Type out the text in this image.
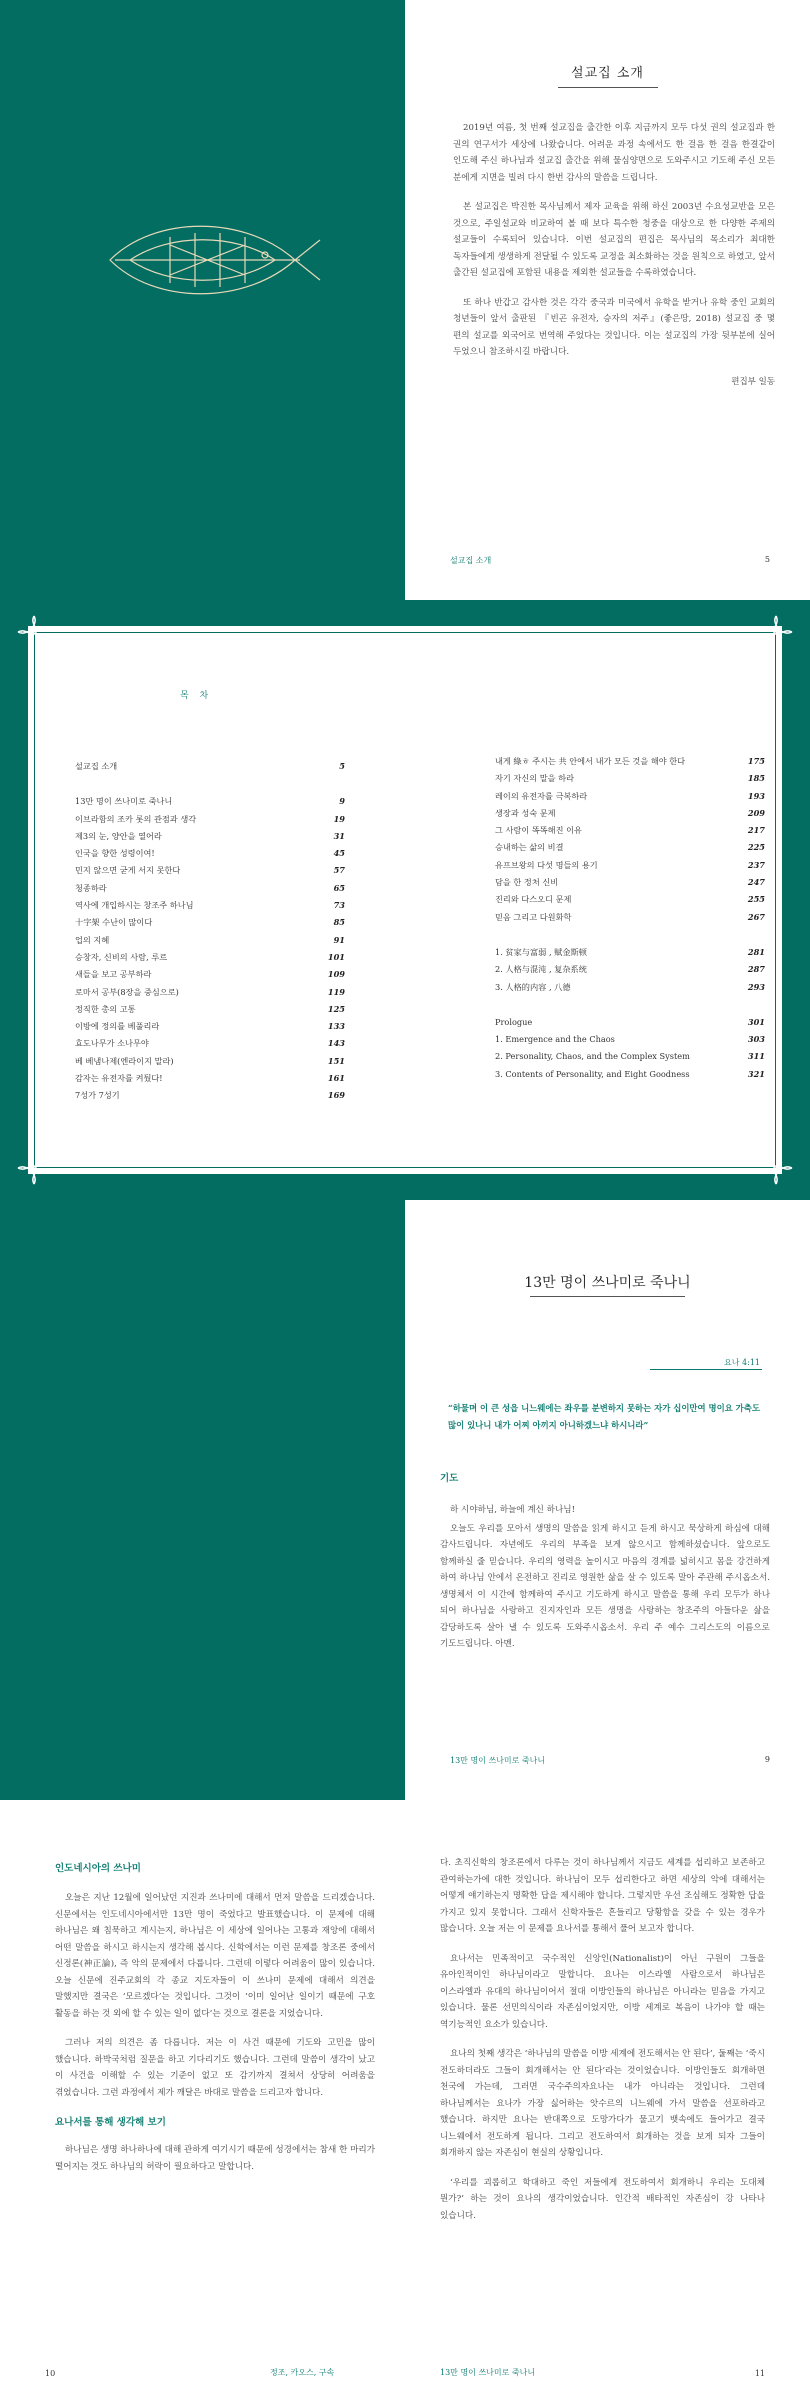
설교집 소개

2019년 여름, 첫 번째 설교집을 출간한 이후 지금까지 모두 다섯 권의 설교집과 한 권의 연구서가 세상에 나왔습니다. 어려운 과정 속에서도 한 걸음 한 걸음 한결같이 인도해 주신 하나님과 설교집 출간을 위해 물심양면으로 도와주시고 기도해 주신 모든 분에게 지면을 빌려 다시 한번 감사의 말씀을 드립니다.

본 설교집은 박진한 목사님께서 제자 교육을 위해 하신 2003년 수요성교반을 모은 것으로, 주일설교와 비교하여 볼 때 보다 특수한 청중을 대상으로 한 다양한 주제의 설교들이 수록되어 있습니다. 이번 설교집의 편집은 목사님의 목소리가 최대한 독자들에게 생생하게 전달될 수 있도록 교정을 최소화하는 것을 원칙으로 하였고, 앞서 출간된 설교집에 포함된 내용을 제외한 설교들을 수록하였습니다.

또 하나 반갑고 감사한 것은 각각 중국과 미국에서 유학을 받거나 유학 중인 교회의 청년들이 앞서 출판된 『빈곤 유전자, 승자의 저주』(좋은땅, 2018) 설교집 중 몇 편의 설교를 외국어로 번역해 주었다는 것입니다. 이는 설교집의 가장 뒷부분에 실어 두었으니 참조하시길 바랍니다.

편집부 일동
설교집 소개	5
목 차
설교집 소개	5
13만 명이 쓰나미로 죽나니	9
이브라함의 조카 롯의 관점과 생각	19
제3의 눈, 양안을 열어라	31
인국을 향한 성령이여!	45
민지 않으면 굳게 서지 못한다	57
청종하라	65
역사에 개입하시는 창조주 하나님	73
十字架 수난이 많이다	85
업의 지혜	91
승창자, 신비의 사람, 루르	101
새들을 보고 공부하라	109
로마서 공부(8장을 중심으로)	119
정직한 총의 고통	125
이방에 정의를 베풀리라	133
효도나무가 소나무야	143
베 베냄나제(엔라이지 말라)	151
감자는 유전자를 켜뒀다!	161
7성가 7성기	169
내게 綠ㅎ 주시는 共 안에서 내가 모든 것을 해야 한다	175
자기 자신의 말을 하라	185
레이의 유전자를 극복하라	193
생장과 성숙 문제	209
그 사람이 똑똑해진 이유	217
승내하는 삶의 비결	225
유프브왕의 다섯 명들의 용기	237
담을 한 정처 신비	247
진리와 다스오디 문제	255
믿음 그리고 다원화학	267
1. 贫家与富弱 , 赋金斯顿	281
2. 人格与混沌 , 复杂系统	287
3. 人格的内容 , 八德	293
Prologue	301
1. Emergence and the Chaos	303
2. Personality, Chaos, and the Complex System	311
3. Contents of Personality, and Eight Goodness	321
13만 명이 쓰나미로 죽나니
요나 4:11
“하물며 이 큰 성읍 니느웨에는 좌우를 분변하지 못하는 자가 십이만여 명이요 가축도 많이 있나니 내가 어찌 아끼지 아니하겠느냐 하시니라”
기도

하 시야하님, 하늘에 계신 하나님!

오늘도 우리를 모아서 생명의 말씀을 읽게 하시고 듣게 하시고 묵상하게 하심에 대해 감사드립니다. 자년에도 우리의 부족을 보게 않으시고 함께하셨습니다. 앞으로도 함께하실 줄 믿습니다. 우리의 영력을 높이시고 마음의 경계를 넓히시고 몸을 강건하게 하여 하나님 안에서 온전하고 진리로 영원한 삶을 살 수 있도록 말아 주관해 주시옵소서. 생명체서 이 시간에 함께하여 주시고 기도하게 하시고 말씀을 통해 우리 모두가 하나 되어 하나님을 사랑하고 진지자인과 모든 생명을 사랑하는 창조주의 아들다운 삶을 감당하도록 살아 낼 수 있도록 도와주시옵소서. 우리 주 예수 그리스도의 이름으로 기도드립니다. 아멘.

13만 명이 쓰나미로 죽나니	9
인도네시아의 쓰나미

오늘은 지난 12월에 일어났던 지진과 쓰나미에 대해서 먼저 말씀을 드리겠습니다. 신문에서는 인도네시아에서만 13만 명이 죽었다고 발표했습니다. 이 문제에 대해 하나님은 왜 침묵하고 계시는지, 하나님은 이 세상에 일어나는 고통과 재앙에 대해서 어떤 말씀을 하시고 하시는지 생각해 봅시다. 신학에서는 이런 문제를 창조론 중에서 신정론(神正論), 즉 악의 문제에서 다룹니다. 그런데 이렇다 어려움이 많이 있습니다. 오늘 신문에 진주교회의 각 종교 지도자들이 이 쓰나미 문제에 대해서 의견을 말했지만 결국은 ‘모르겠다’는 것입니다. 그것이 ‘이미 일어난 일이기 때문에 구호 활동을 하는 것 외에 할 수 있는 일이 없다’는 것으로 결론을 지었습니다.

그러나 저의 의견은 좀 다릅니다. 저는 이 사건 때문에 기도와 고민을 많이 했습니다. 하박국처럼 질문을 하고 기다리기도 했습니다. 그런데 말씀이 생각이 났고 이 사건을 이해할 수 있는 기준이 없고 또 감기까지 결쳐서 상당히 어려움을 겪었습니다. 그런 과정에서 제가 깨달은 바대로 말씀을 드리고자 합니다.

요나서를 통해 생각해 보기

하나님은 생명 하나하나에 대해 관하게 여기시기 때문에 성경에서는 참새 한 마리가 떨어지는 것도 하나님의 허락이 필요하다고 말합니다.

다. 초직신학의 창조론에서 다루는 것이 하나님께서 지금도 세계를 섭리하고 보존하고 관여하는가에 대한 것입니다. 하나님이 모두 섭리한다고 하면 세상의 악에 대해서는 어떻게 얘기하는지 명확한 답을 제시해야 합니다. 그렇지만 우선 조심해도 정확한 답을 가지고 있지 못합니다. 그래서 신학자들은 흔들리고 당황함을 갖을 수 있는 경우가 많습니다. 오늘 저는 이 문제를 요나서를 통해서 풀어 보고자 합니다.

요나서는 민족적이고 국수적인 신앙인(Nationalist)이 아닌 구원이 그들을 유아인적이인 하나님이라고 말합니다. 요나는 이스라엘 사람으로서 하나님은 이스라엘과 유대의 하나님이어서 절대 이방인들의 하나님은 아니라는 믿음을 가지고 있습니다. 물론 선민의식이라 자존심이었지만, 이방 세계로 복음이 나가야 할 때는 역기능적인 요소가 있습니다.

요나의 첫째 생각은 ‘하나님의 말씀을 이방 세계에 전도해서는 안 된다’, 둘째는 ‘죽시 전도하더라도 그들이 회개해서는 안 된다’라는 것이었습니다. 이방인들도 회개하면 천국에 가는데, 그러면 국수주의자요나는 내가 아니라는 것입니다. 그런데 하나님께서는 요나가 가장 싫어하는 앗수르의 니느웨에 가서 말씀을 선포하라고 했습니다. 하지만 요나는 반대쪽으로 도망가다가 물고기 뱃속에도 들어가고 결국 니느웨에서 전도하게 됩니다. 그리고 전도하여서 회개하는 것을 보게 되자 그들이 회개하지 않는 자존심이 현실의 상황입니다.

‘우리를 괴롭히고 학대하고 죽인 저들에게 전도하여서 회개하니 우리는 도대체 뭔가?’ 하는 것이 요나의 생각이었습니다. 인간적 배타적인 자존심이 강 나타나 있습니다.

10	정조, 카오스, 구속	13만 명이 쓰나미로 죽나니	11
